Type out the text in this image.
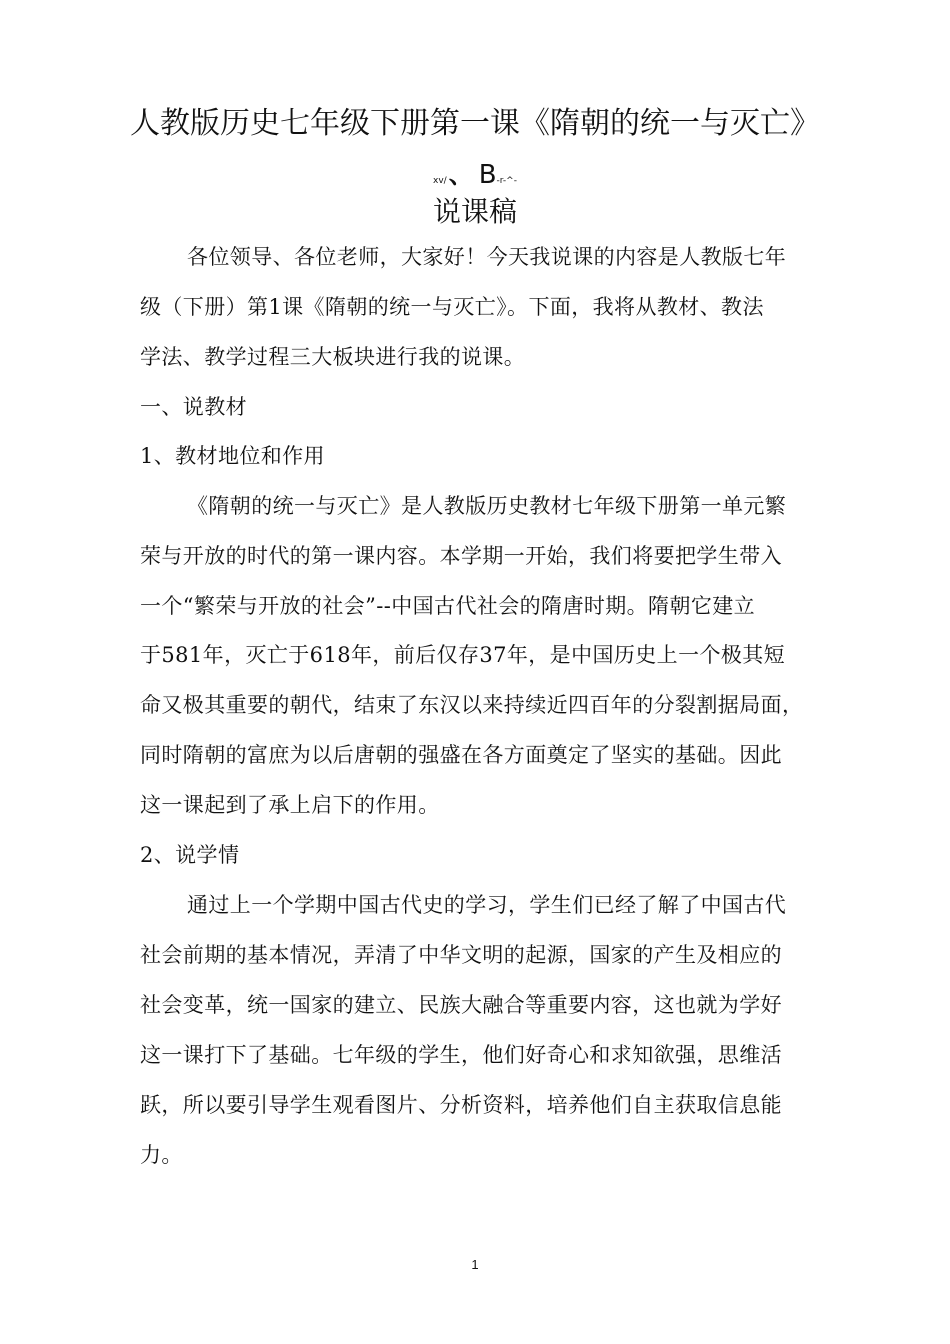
人教版历史七年级下册第一课《隋朝的统一与灭亡》
xv/、 B-r-^-
说课稿
各位领导、各位老师，大家好！今天我说课的内容是人教版七年
级（下册）第1课《隋朝的统一与灭亡》。下面，我将从教材、教法
学法、教学过程三大板块进行我的说课。
一、说教材
1、教材地位和作用
《隋朝的统一与灭亡》是人教版历史教材七年级下册第一单元繁
荣与开放的时代的第一课内容。本学期一开始，我们将要把学生带入
一个“繁荣与开放的社会”--中国古代社会的隋唐时期。隋朝它建立
于581年，灭亡于618年，前后仅存37年，是中国历史上一个极其短
命又极其重要的朝代，结束了东汉以来持续近四百年的分裂割据局面，
同时隋朝的富庶为以后唐朝的强盛在各方面奠定了坚实的基础。因此
这一课起到了承上启下的作用。
2、说学情
通过上一个学期中国古代史的学习，学生们已经了解了中国古代
社会前期的基本情况，弄清了中华文明的起源，国家的产生及相应的
社会变革，统一国家的建立、民族大融合等重要内容，这也就为学好
这一课打下了基础。七年级的学生，他们好奇心和求知欲强，思维活
跃，所以要引导学生观看图片、分析资料，培养他们自主获取信息能
力。
1
